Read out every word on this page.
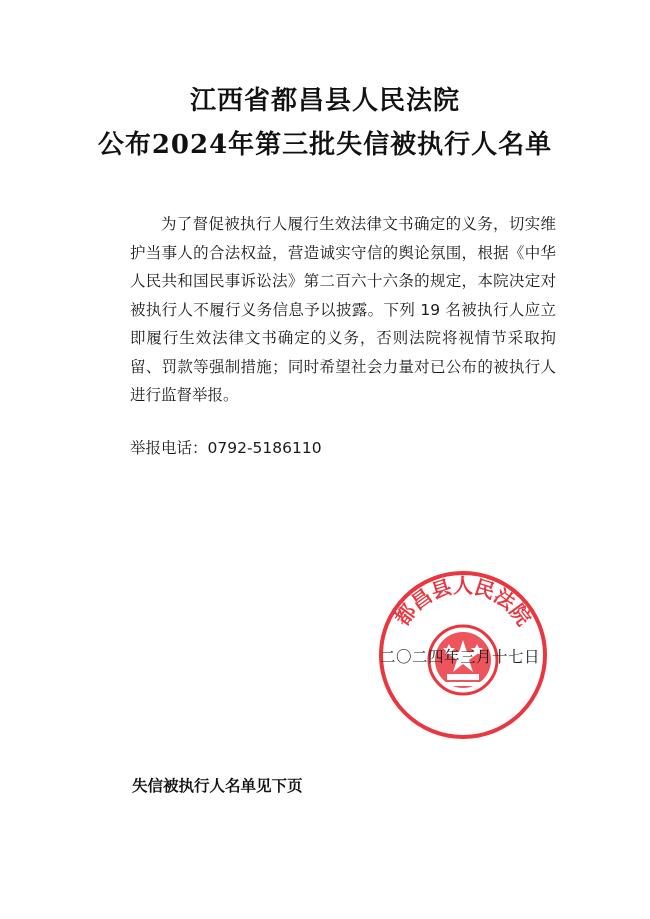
江西省都昌县人民法院
公布2024年第三批失信被执行人名单
为了督促被执行人履行生效法律文书确定的义务，切实维护当事人的合法权益，营造诚实守信的舆论氛围，根据《中华人民共和国民事诉讼法》第二百六十六条的规定，本院决定对被执行人不履行义务信息予以披露。下列 19 名被执行人应立即履行生效法律文书确定的义务，否则法院将视情节采取拘留、罚款等强制措施；同时希望社会力量对已公布的被执行人进行监督举报。
举报电话：0792-5186110
都昌县人民法院
二〇二四年三月十七日
失信被执行人名单见下页
